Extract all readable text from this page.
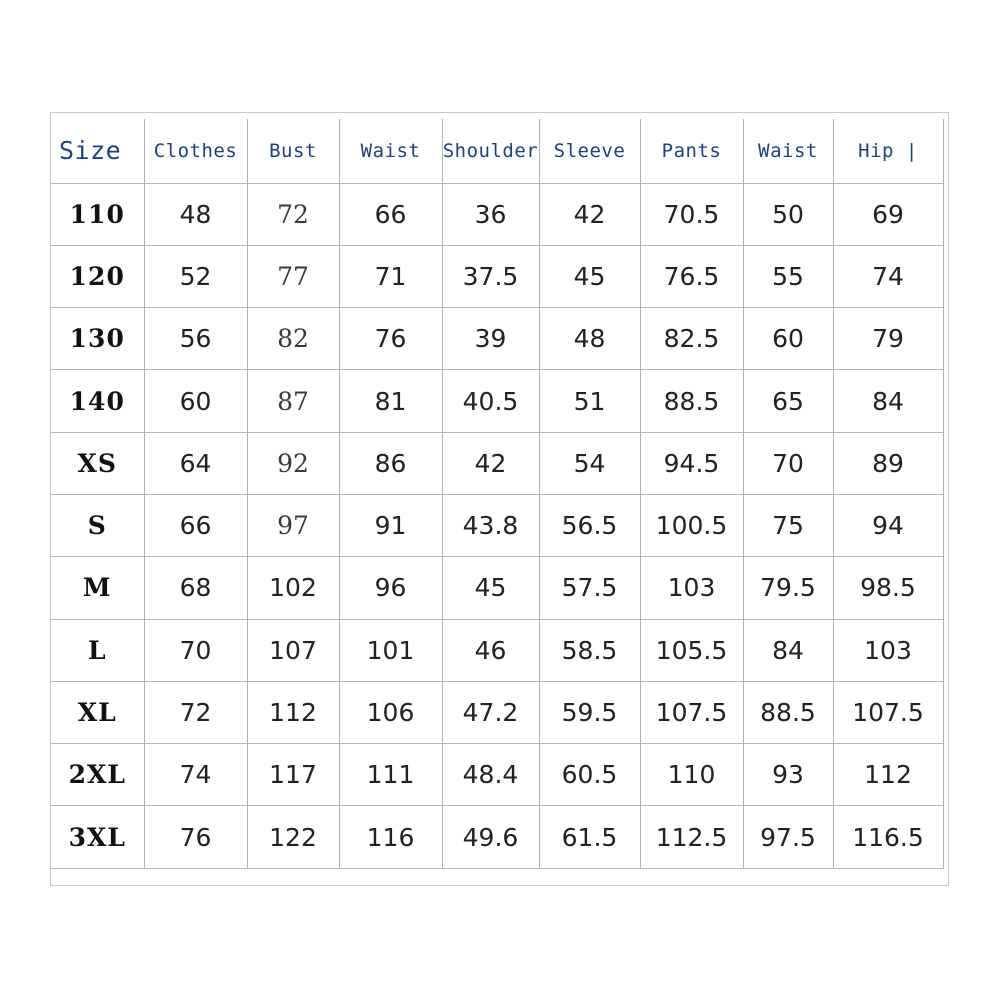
Size	Clothes	Bust	Waist	Shoulder	Sleeve	Pants	Waist	Hip |
110	48	72	66	36	42	70.5	50	69
120	52	77	71	37.5	45	76.5	55	74
130	56	82	76	39	48	82.5	60	79
140	60	87	81	40.5	51	88.5	65	84
XS	64	92	86	42	54	94.5	70	89
S	66	97	91	43.8	56.5	100.5	75	94
M	68	102	96	45	57.5	103	79.5	98.5
L	70	107	101	46	58.5	105.5	84	103
XL	72	112	106	47.2	59.5	107.5	88.5	107.5
2XL	74	117	111	48.4	60.5	110	93	112
3XL	76	122	116	49.6	61.5	112.5	97.5	116.5
